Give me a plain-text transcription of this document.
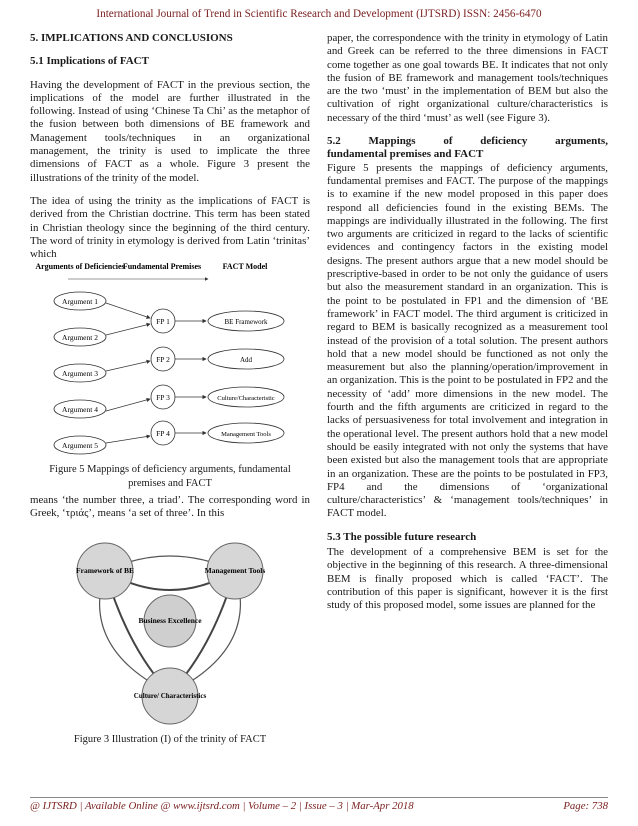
International Journal of Trend in Scientific Research and Development (IJTSRD) ISSN: 2456-6470
5. IMPLICATIONS AND CONCLUSIONS
5.1 Implications of FACT

Having the development of FACT in the previous section, the implications of the model are further illustrated in the following. Instead of using ‘Chinese Ta Chi’ as the metaphor of the fusion between both dimensions of BE framework and Management tools/techniques in an organizational management, the trinity is used to implicate the three dimensions of FACT as a whole. Figure 3 present the illustrations of the trinity of the model.

The idea of using the trinity as the implications of FACT is derived from the Christian doctrine. This term has been stated in Christian theology since the beginning of the third century. The word of trinity in etymology is derived from Latin ‘trinitas’ which

Arguments of Deficiencies
Fundamental Premises	FACT Model
Argument 1
Argument 2
Argument 3
Argument 4
Argument 5
FP 1
FP 2
FP 3
FP 4
BE Framework
Add
Culture/Characteristic
Management Tools
Figure 5 Mappings of deficiency arguments, fundamental premises and FACT

means ‘the number three, a triad’. The corresponding word in Greek, ‘τριάς’, means ‘a set of three’. In this

Framework of BE	Management Tools
Business Excellence
Culture/ Characteristics
Figure 3 Illustration (I) of the trinity of FACT

paper, the correspondence with the trinity in etymology of Latin and Greek can be referred to the three dimensions in FACT come together as one goal towards BE. It indicates that not only the fusion of BE framework and management tools/techniques are the two ‘must’ in the implementation of BEM but also the cultivation of right organizational culture/characteristics is necessary of the third ‘must’ as well (see Figure 3).

5.2	Mappings	of	deficiency	arguments,
fundamental premises and FACT

Figure 5 presents the mappings of deficiency arguments, fundamental premises and FACT. The purpose of the mappings is to examine if the new model proposed in this paper does respond all deficiencies found in the existing BEMs. The mappings are individually illustrated in the following. The first two arguments are criticized in regard to the lacks of scientific evidences and contingency factors in the existing model designs. The present authors argue that a new model should be prescriptive-based in order to be not only the guidance of users but also the measurement standard in an organization. This is the point to be postulated in FP1 and the dimension of ‘BE framework’ in FACT model. The third argument is criticized in regard to BEM is basically recognized as a measurement tool instead of the provision of a total solution. The present authors hold that a new model should be functioned as not only the measurement but also the planning/operation/improvement in an organization. This is the point to be postulated in FP2 and the necessity of ‘add’ more dimensions in the new model. The fourth and the fifth arguments are criticized in regard to the lacks of persuasiveness for total involvement and integration in the operational level. The present authors hold that a new model should be easily integrated with not only the systems that have been existed but also the management tools that are appropriate in an organization. These are the points to be postulated in FP3, FP4 and the dimensions of ‘organizational culture/characteristics’ & ‘management tools/techniques’ in FACT model.

5.3 The possible future research

The development of a comprehensive BEM is set for the objective in the beginning of this research. A three-dimensional BEM is finally proposed which is called ‘FACT’. The contribution of this paper is significant, however it is the first study of this proposed model, some issues are planned for the

@ IJTSRD | Available Online @ www.ijtsrd.com | Volume – 2 | Issue – 3 | Mar-Apr 2018	Page: 738
